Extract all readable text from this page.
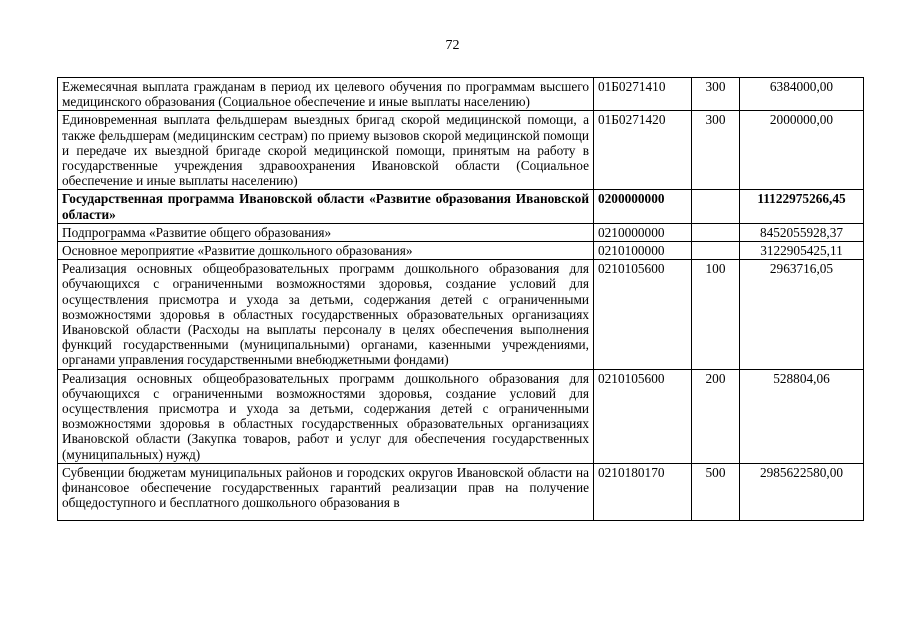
72
Ежемесячная выплата гражданам в период их целевого обучения по программам высшего медицинского образования (Социальное обеспечение и иные выплаты населению)	01Б0271410	300	6384000,00
Единовременная выплата фельдшерам выездных бригад скорой медицинской помощи, а также фельдшерам (медицинским сестрам) по приему вызовов скорой медицинской помощи и передаче их выездной бригаде скорой медицинской помощи, принятым на работу в государственные учреждения здравоохранения Ивановской области (Социальное обеспечение и иные выплаты населению)	01Б0271420	300	2000000,00
Государственная программа Ивановской области «Развитие образования Ивановской области»	0200000000		11122975266,45
Подпрограмма «Развитие общего образования»	0210000000		8452055928,37
Основное мероприятие «Развитие дошкольного образования»	0210100000		3122905425,11
Реализация основных общеобразовательных программ дошкольного образования для обучающихся с ограниченными возможностями здоровья, создание условий для осуществления присмотра и ухода за детьми, содержания детей с ограниченными возможностями здоровья в областных государственных образовательных организациях Ивановской области (Расходы на выплаты персоналу в целях обеспечения выполнения функций государственными (муниципальными) органами, казенными учреждениями, органами управления государственными внебюджетными фондами)	0210105600	100	2963716,05
Реализация основных общеобразовательных программ дошкольного образования для обучающихся с ограниченными возможностями здоровья, создание условий для осуществления присмотра и ухода за детьми, содержания детей с ограниченными возможностями здоровья в областных государственных образовательных организациях Ивановской области (Закупка товаров, работ и услуг для обеспечения государственных (муниципальных) нужд)	0210105600	200	528804,06

Субвенции бюджетам муниципальных районов и городских округов Ивановской области на финансовое обеспечение государственных гарантий реализации прав на получение общедоступного и бесплатного дошкольного образования в	0210180170	500	2985622580,00
